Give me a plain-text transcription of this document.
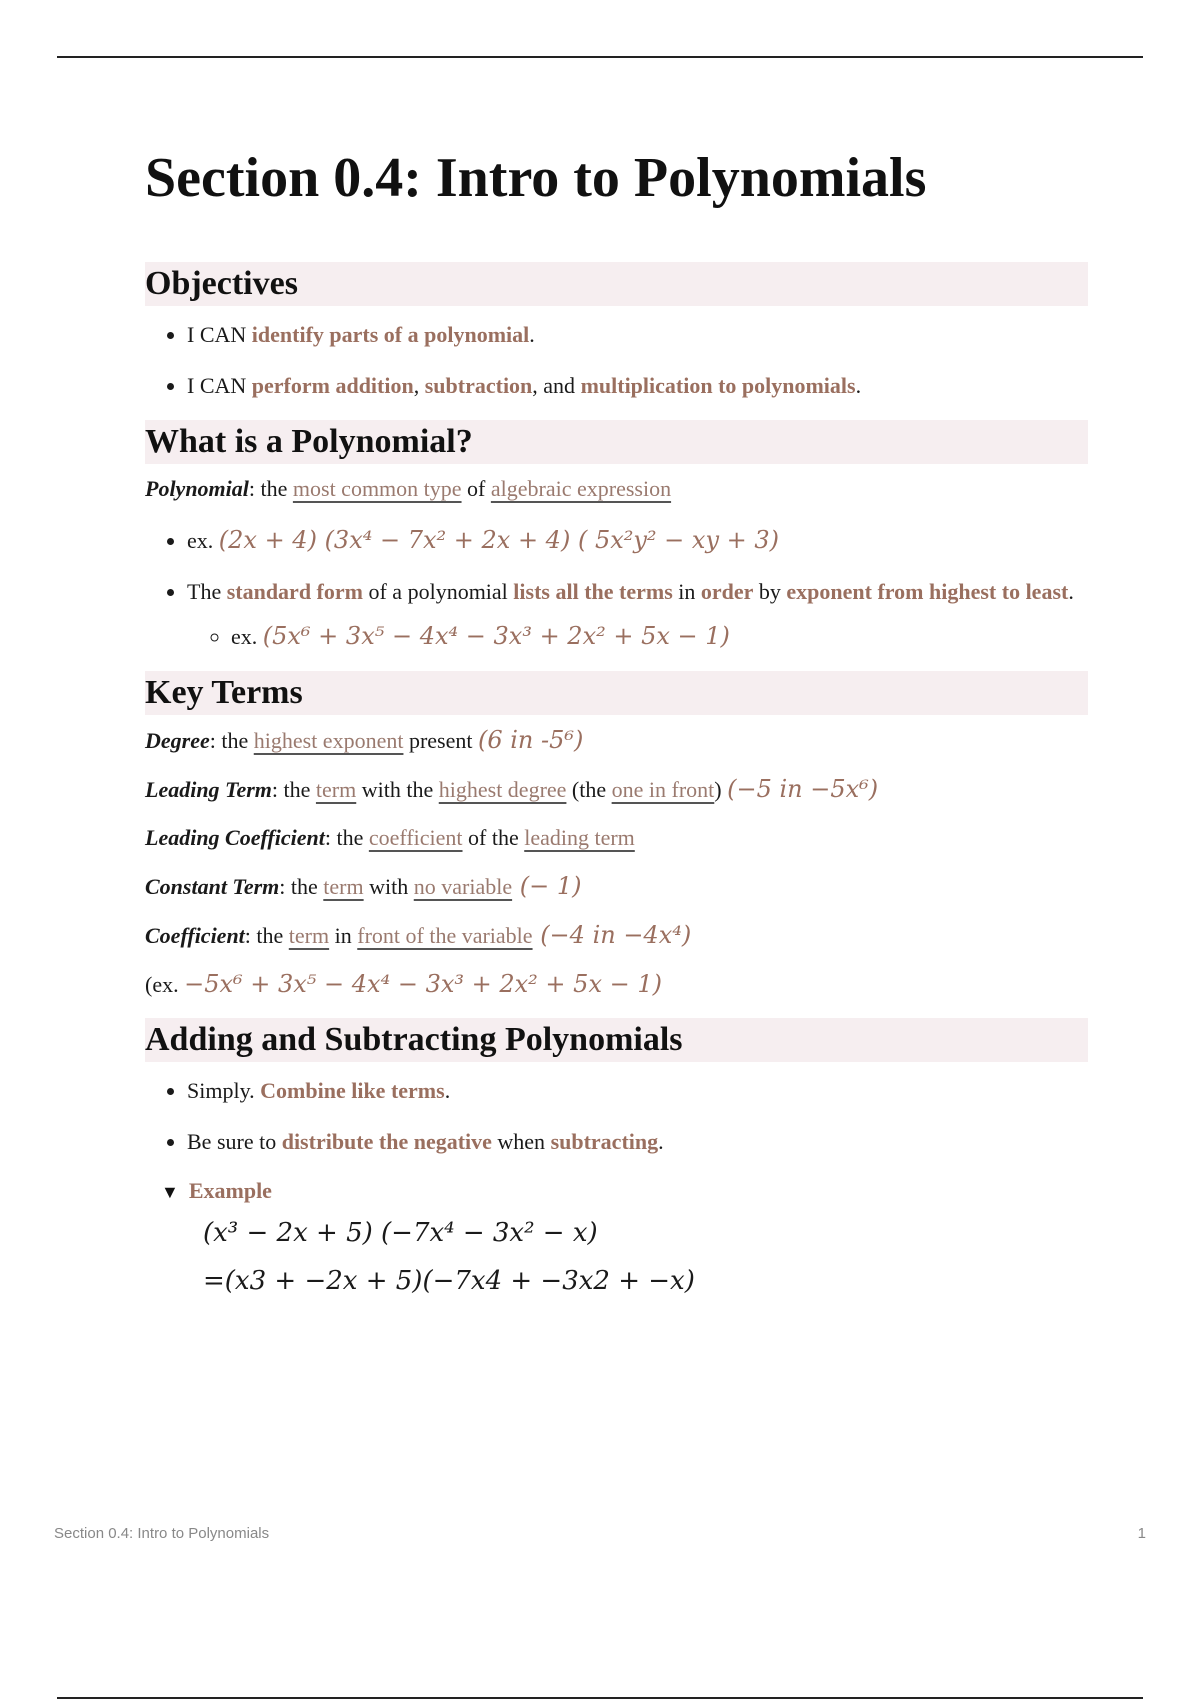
Section 0.4: Intro to Polynomials
Objectives
• I CAN identify parts of a polynomial.
• I CAN perform addition, subtraction, and multiplication to polynomials.
What is a Polynomial?

Polynomial: the most common type of algebraic expression

• ex. (2x + 4) (3x⁴ − 7x² + 2x + 4) ( 5x²y² − xy + 3)
• The standard form of a polynomial lists all the terms in order by exponent from highest to least.
◦ ex. (5x⁶ + 3x⁵ − 4x⁴ − 3x³ + 2x² + 5x − 1)
Key Terms

Degree: the highest exponent present (6 in -5⁶)

Leading Term: the term with the highest degree (the one in front) (−5 in −5x⁶)

Leading Coefficient: the coefficient of the leading term

Constant Term: the term with no variable (− 1)

Coefficient: the term in front of the variable (−4 in −4x⁴)

(ex. −5x⁶ + 3x⁵ − 4x⁴ − 3x³ + 2x² + 5x − 1)

Adding and Subtracting Polynomials
• Simply. Combine like terms.
• Be sure to distribute the negative when subtracting.
▼ Example
(x³ − 2x + 5) (−7x⁴ − 3x² − x)
=(x3 + −2x + 5)(−7x4 + −3x2 + −x)
Section 0.4: Intro to Polynomials	1
